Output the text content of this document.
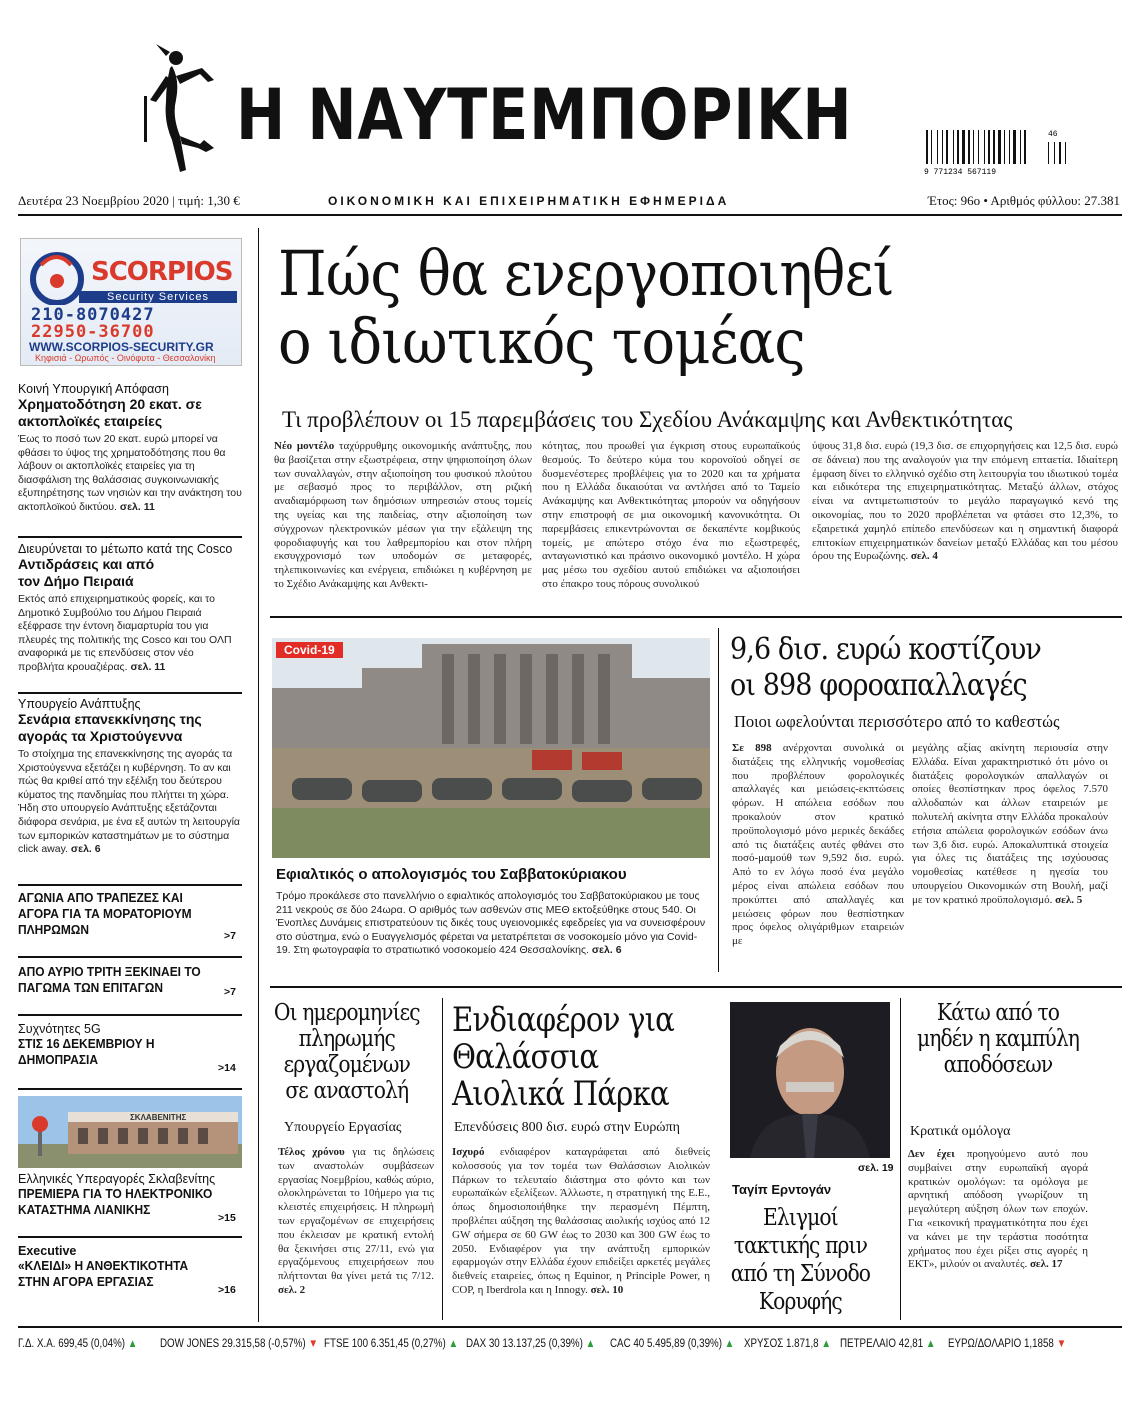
Η ΝΑΥΤΕΜΠΟΡΙΚΗ
9 771234 567119
46
Δευτέρα 23 Νοεμβρίου 2020 | τιμή: 1,30 €	ΟΙΚΟΝΟΜΙΚΗ ΚΑΙ ΕΠΙΧΕΙΡΗΜΑΤΙΚΗ ΕΦΗΜΕΡΙΔΑ	Έτος: 96ο • Αριθμός φύλλου: 27.381
SCORPIOS
Security Services
210-8070427
22950-36700
WWW.SCORPIOS-SECURITY.GR
Κηφισιά - Ωρωπός - Οινόφυτα - Θεσσαλονίκη
Κοινή Υπουργική Απόφαση
Χρηματοδότηση 20 εκατ. σε ακτοπλοϊκές εταιρείες
Έως το ποσό των 20 εκατ. ευρώ μπορεί να φθάσει το ύψος της χρηματοδότησης που θα λάβουν οι ακτοπλοϊκές εταιρείες για τη διασφάλιση της θαλάσσιας συγκοινωνιακής εξυπηρέτησης των νησιών και την ανάκτηση του ακτοπλοϊκού δικτύου. σελ. 11
Διευρύνεται το μέτωπο κατά της Cosco
Αντιδράσεις και από τον Δήμο Πειραιά
Εκτός από επιχειρηματικούς φορείς, και το Δημοτικό Συμβούλιο του Δήμου Πειραιά εξέφρασε την έντονη διαμαρτυρία του για πλευρές της πολιτικής της Cosco και του ΟΛΠ αναφορικά με τις επενδύσεις στον νέο προβλήτα κρουαζιέρας. σελ. 11
Υπουργείο Ανάπτυξης
Σενάρια επανεκκίνησης της αγοράς τα Χριστούγεννα
Το στοίχημα της επανεκκίνησης της αγοράς τα Χριστούγεννα εξετάζει η κυβέρνηση. Το αν και πώς θα κριθεί από την εξέλιξη του δεύτερου κύματος της πανδημίας που πλήττει τη χώρα. Ήδη στο υπουργείο Ανάπτυξης εξετάζονται διάφορα σενάρια, με ένα εξ αυτών τη λειτουργία των εμπορικών καταστημάτων με το σύστημα click away. σελ. 6
ΑΓΩΝΙΑ ΑΠΟ ΤΡΑΠΕΖΕΣ ΚΑΙ ΑΓΟΡΑ ΓΙΑ ΤΑ ΜΟΡΑΤΟΡΙΟΥΜ ΠΛΗΡΩΜΩΝ	>7
ΑΠΟ ΑΥΡΙΟ ΤΡΙΤΗ ΞΕΚΙΝΑΕΙ ΤΟ ΠΑΓΩΜΑ ΤΩΝ ΕΠΙΤΑΓΩΝ	>7
Συχνότητες 5G
ΣΤΙΣ 16 ΔΕΚΕΜΒΡΙΟΥ Η ΔΗΜΟΠΡΑΣΙΑ
>14
ΣΚΛΑΒΕΝΙΤΗΣ
Ελληνικές Υπεραγορές Σκλαβενίτης
ΠΡΕΜΙΕΡΑ ΓΙΑ ΤΟ ΗΛΕΚΤΡΟΝΙΚΟ ΚΑΤΑΣΤΗΜΑ ΛΙΑΝΙΚΗΣ
>15
Executive
«ΚΛΕΙΔΙ» Η ΑΝΘΕΚΤΙΚΟΤΗΤΑ ΣΤΗΝ ΑΓΟΡΑ ΕΡΓΑΣΙΑΣ
>16
Πώς θα ενεργοποιηθεί
ο ιδιωτικός τομέας
Τι προβλέπουν οι 15 παρεμβάσεις του Σχεδίου Ανάκαμψης και Ανθεκτικότητας
Νέο μοντέλο ταχύρρυθμης οικονομικής ανάπτυξης, που θα βασίζεται στην εξωστρέφεια, στην ψηφιοποίηση όλων των συναλλαγών, στην αξιοποίηση του φυσικού πλούτου με σεβασμό προς το περιβάλλον, στη ριζική αναδιαμόρφωση των δημόσιων υπηρεσιών στους τομείς της υγείας και της παιδείας, στην αξιοποίηση των σύγχρονων ηλεκτρονικών μέσων για την εξάλειψη της φοροδιαφυγής και του λαθρεμπορίου και στον πλήρη εκσυγχρονισμό των υποδομών σε μεταφορές, τηλεπικοινωνίες και ενέργεια, επιδιώκει η κυβέρνηση με το Σχέδιο Ανάκαμψης και Ανθεκτι-
κότητας, που προωθεί για έγκριση στους ευρωπαϊκούς θεσμούς. Το δεύτερο κύμα του κορονοϊού οδηγεί σε δυσμενέστερες προβλέψεις για το 2020 και τα χρήματα που η Ελλάδα δικαιούται να αντλήσει από το Ταμείο Ανάκαμψης και Ανθεκτικότητας μπορούν να οδηγήσουν στην επιστροφή σε μια οικονομική κανονικότητα. Οι παρεμβάσεις επικεντρώνονται σε δεκαπέντε κομβικούς τομείς, με απώτερο στόχο ένα πιο εξωστρεφές, ανταγωνιστικό και πράσινο οικονομικό μοντέλο. Η χώρα μας μέσω του σχεδίου αυτού επιδιώκει να αξιοποιήσει στο έπακρο τους πόρους συνολικού
ύψους 31,8 δισ. ευρώ (19,3 δισ. σε επιχορηγήσεις και 12,5 δισ. ευρώ σε δάνεια) που της αναλογούν για την επόμενη επταετία. Ιδιαίτερη έμφαση δίνει το ελληνικό σχέδιο στη λειτουργία του ιδιωτικού τομέα και ειδικότερα της επιχειρηματικότητας. Μεταξύ άλλων, στόχος είναι να αντιμετωπιστούν το μεγάλο παραγωγικό κενό της οικονομίας, που το 2020 προβλέπεται να φτάσει στο 12,3%, το εξαιρετικά χαμηλό επίπεδο επενδύσεων και η σημαντική διαφορά επιτοκίων επιχειρηματικών δανείων μεταξύ Ελλάδας και του μέσου όρου της Ευρωζώνης. σελ. 4
Covid-19
Εφιαλτικός ο απολογισμός του Σαββατοκύριακου
Τρόμο προκάλεσε στο πανελλήνιο ο εφιαλτικός απολογισμός του Σαββατοκύριακου με τους 211 νεκρούς σε δύο 24ωρα. Ο αριθμός των ασθενών στις ΜΕΘ εκτοξεύθηκε στους 540. Οι Ένοπλες Δυνάμεις επιστρατεύουν τις δικές τους υγειονομικές εφεδρείες για να συνεισφέρουν στο σύστημα, ενώ ο Ευαγγελισμός φέρεται να μετατρέπεται σε νοσοκομείο μόνο για Covid-19. Στη φωτογραφία το στρατιωτικό νοσοκομείο 424 Θεσσαλονίκης. σελ. 6
9,6 δισ. ευρώ κοστίζουν
οι 898 φοροαπαλλαγές
Ποιοι ωφελούνται περισσότερο από το καθεστώς
Σε 898 ανέρχονται συνολικά οι διατάξεις της ελληνικής νομοθεσίας που προβλέπουν φορολογικές απαλλαγές και μειώσεις-εκπτώσεις φόρων. Η απώλεια εσόδων που προκαλούν στον κρατικό προϋπολογισμό μόνο μερικές δεκάδες από τις διατάξεις αυτές φθάνει στο ποσό-μαμούθ των 9,592 δισ. ευρώ. Από το εν λόγω ποσό ένα μεγάλο μέρος είναι απώλεια εσόδων που προκύπτει από απαλλαγές και μειώσεις φόρων που θεσπίστηκαν προς όφελος ολιγάριθμων εταιρειών με
μεγάλης αξίας ακίνητη περιουσία στην Ελλάδα. Είναι χαρακτηριστικό ότι μόνο οι διατάξεις φορολογικών απαλλαγών οι οποίες θεσπίστηκαν προς όφελος 7.570 αλλοδαπών και άλλων εταιρειών με πολυτελή ακίνητα στην Ελλάδα προκαλούν ετήσια απώλεια φορολογικών εσόδων άνω των 3,6 δισ. ευρώ. Αποκαλυπτικά στοιχεία για όλες τις διατάξεις της ισχύουσας νομοθεσίας κατέθεσε η ηγεσία του υπουργείου Οικονομικών στη Βουλή, μαζί με τον κρατικό προϋπολογισμό. σελ. 5
Οι ημερομηνίες πληρωμής εργαζομένων σε αναστολή
Υπουργείο Εργασίας
Τέλος χρόνου για τις δηλώσεις των αναστολών συμβάσεων εργασίας Νοεμβρίου, καθώς αύριο, ολοκληρώνεται το 10ήμερο για τις κλειστές επιχειρήσεις. Η πληρωμή των εργαζομένων σε επιχειρήσεις που έκλεισαν με κρατική εντολή θα ξεκινήσει στις 27/11, ενώ για εργαζόμενους επιχειρήσεων που πλήττονται θα γίνει μετά τις 7/12. σελ. 2
Ενδιαφέρον για Θαλάσσια Αιολικά Πάρκα
Επενδύσεις 800 δισ. ευρώ στην Ευρώπη
Ισχυρό ενδιαφέρον καταγράφεται από διεθνείς κολοσσούς για τον τομέα των Θαλάσσιων Αιολικών Πάρκων το τελευταίο διάστημα στο φόντο και των ευρωπαϊκών εξελίξεων. Άλλωστε, η στρατηγική της Ε.Ε., όπως δημοσιοποιήθηκε την περασμένη Πέμπτη, προβλέπει αύξηση της θαλάσσιας αιολικής ισχύος από 12 GW σήμερα σε 60 GW έως το 2030 και 300 GW έως το 2050. Ενδιαφέρον για την ανάπτυξη εμπορικών εφαρμογών στην Ελλάδα έχουν επιδείξει αρκετές μεγάλες διεθνείς εταιρείες, όπως η Equinor, η Principle Power, η COP, η Iberdrola και η Innogy. σελ. 10
σελ. 19
Ταγίπ Ερντογάν
Ελιγμοί τακτικής πριν από τη Σύνοδο Κορυφής
Κάτω από το μηδέν η καμπύλη αποδόσεων
Κρατικά ομόλογα
Δεν έχει προηγούμενο αυτό που συμβαίνει στην ευρωπαϊκή αγορά κρατικών ομολόγων: τα ομόλογα με αρνητική απόδοση γνωρίζουν τη μεγαλύτερη αύξηση όλων των εποχών. Για «εικονική πραγματικότητα που έχει να κάνει με την τεράστια ποσότητα χρήματος που έχει ρίξει στις αγορές η ΕΚΤ», μιλούν οι αναλυτές. σελ. 17
Γ.Δ. Χ.Α. 699,45 (0,04%) ▲ DOW JONES 29.315,58 (-0,57%) ▼ FTSE 100 6.351,45 (0,27%) ▲ DAX 30 13.137,25 (0,39%) ▲ CAC 40 5.495,89 (0,39%) ▲ ΧΡΥΣΟΣ 1.871,8 ▲ ΠΕΤΡΕΛΑΙΟ 42,81 ▲ ΕΥΡΩ/ΔΟΛΑΡΙΟ 1,1858 ▼
